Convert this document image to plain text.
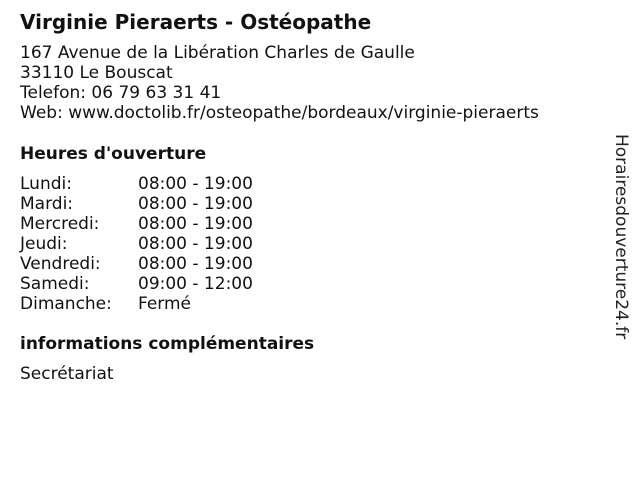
Virginie Pieraerts - Ostéopathe
167 Avenue de la Libération Charles de Gaulle
33110 Le Bouscat
Telefon: 06 79 63 31 41
Web: www.doctolib.fr/osteopathe/bordeaux/virginie-pieraerts
Heures d'ouverture
Lundi:	08:00 - 19:00
Mardi:	08:00 - 19:00
Mercredi:	08:00 - 19:00
Jeudi:	08:00 - 19:00
Vendredi:	08:00 - 19:00
Samedi:	09:00 - 12:00
Dimanche:	Fermé
informations complémentaires
Secrétariat
Horairesdouverture24.fr
